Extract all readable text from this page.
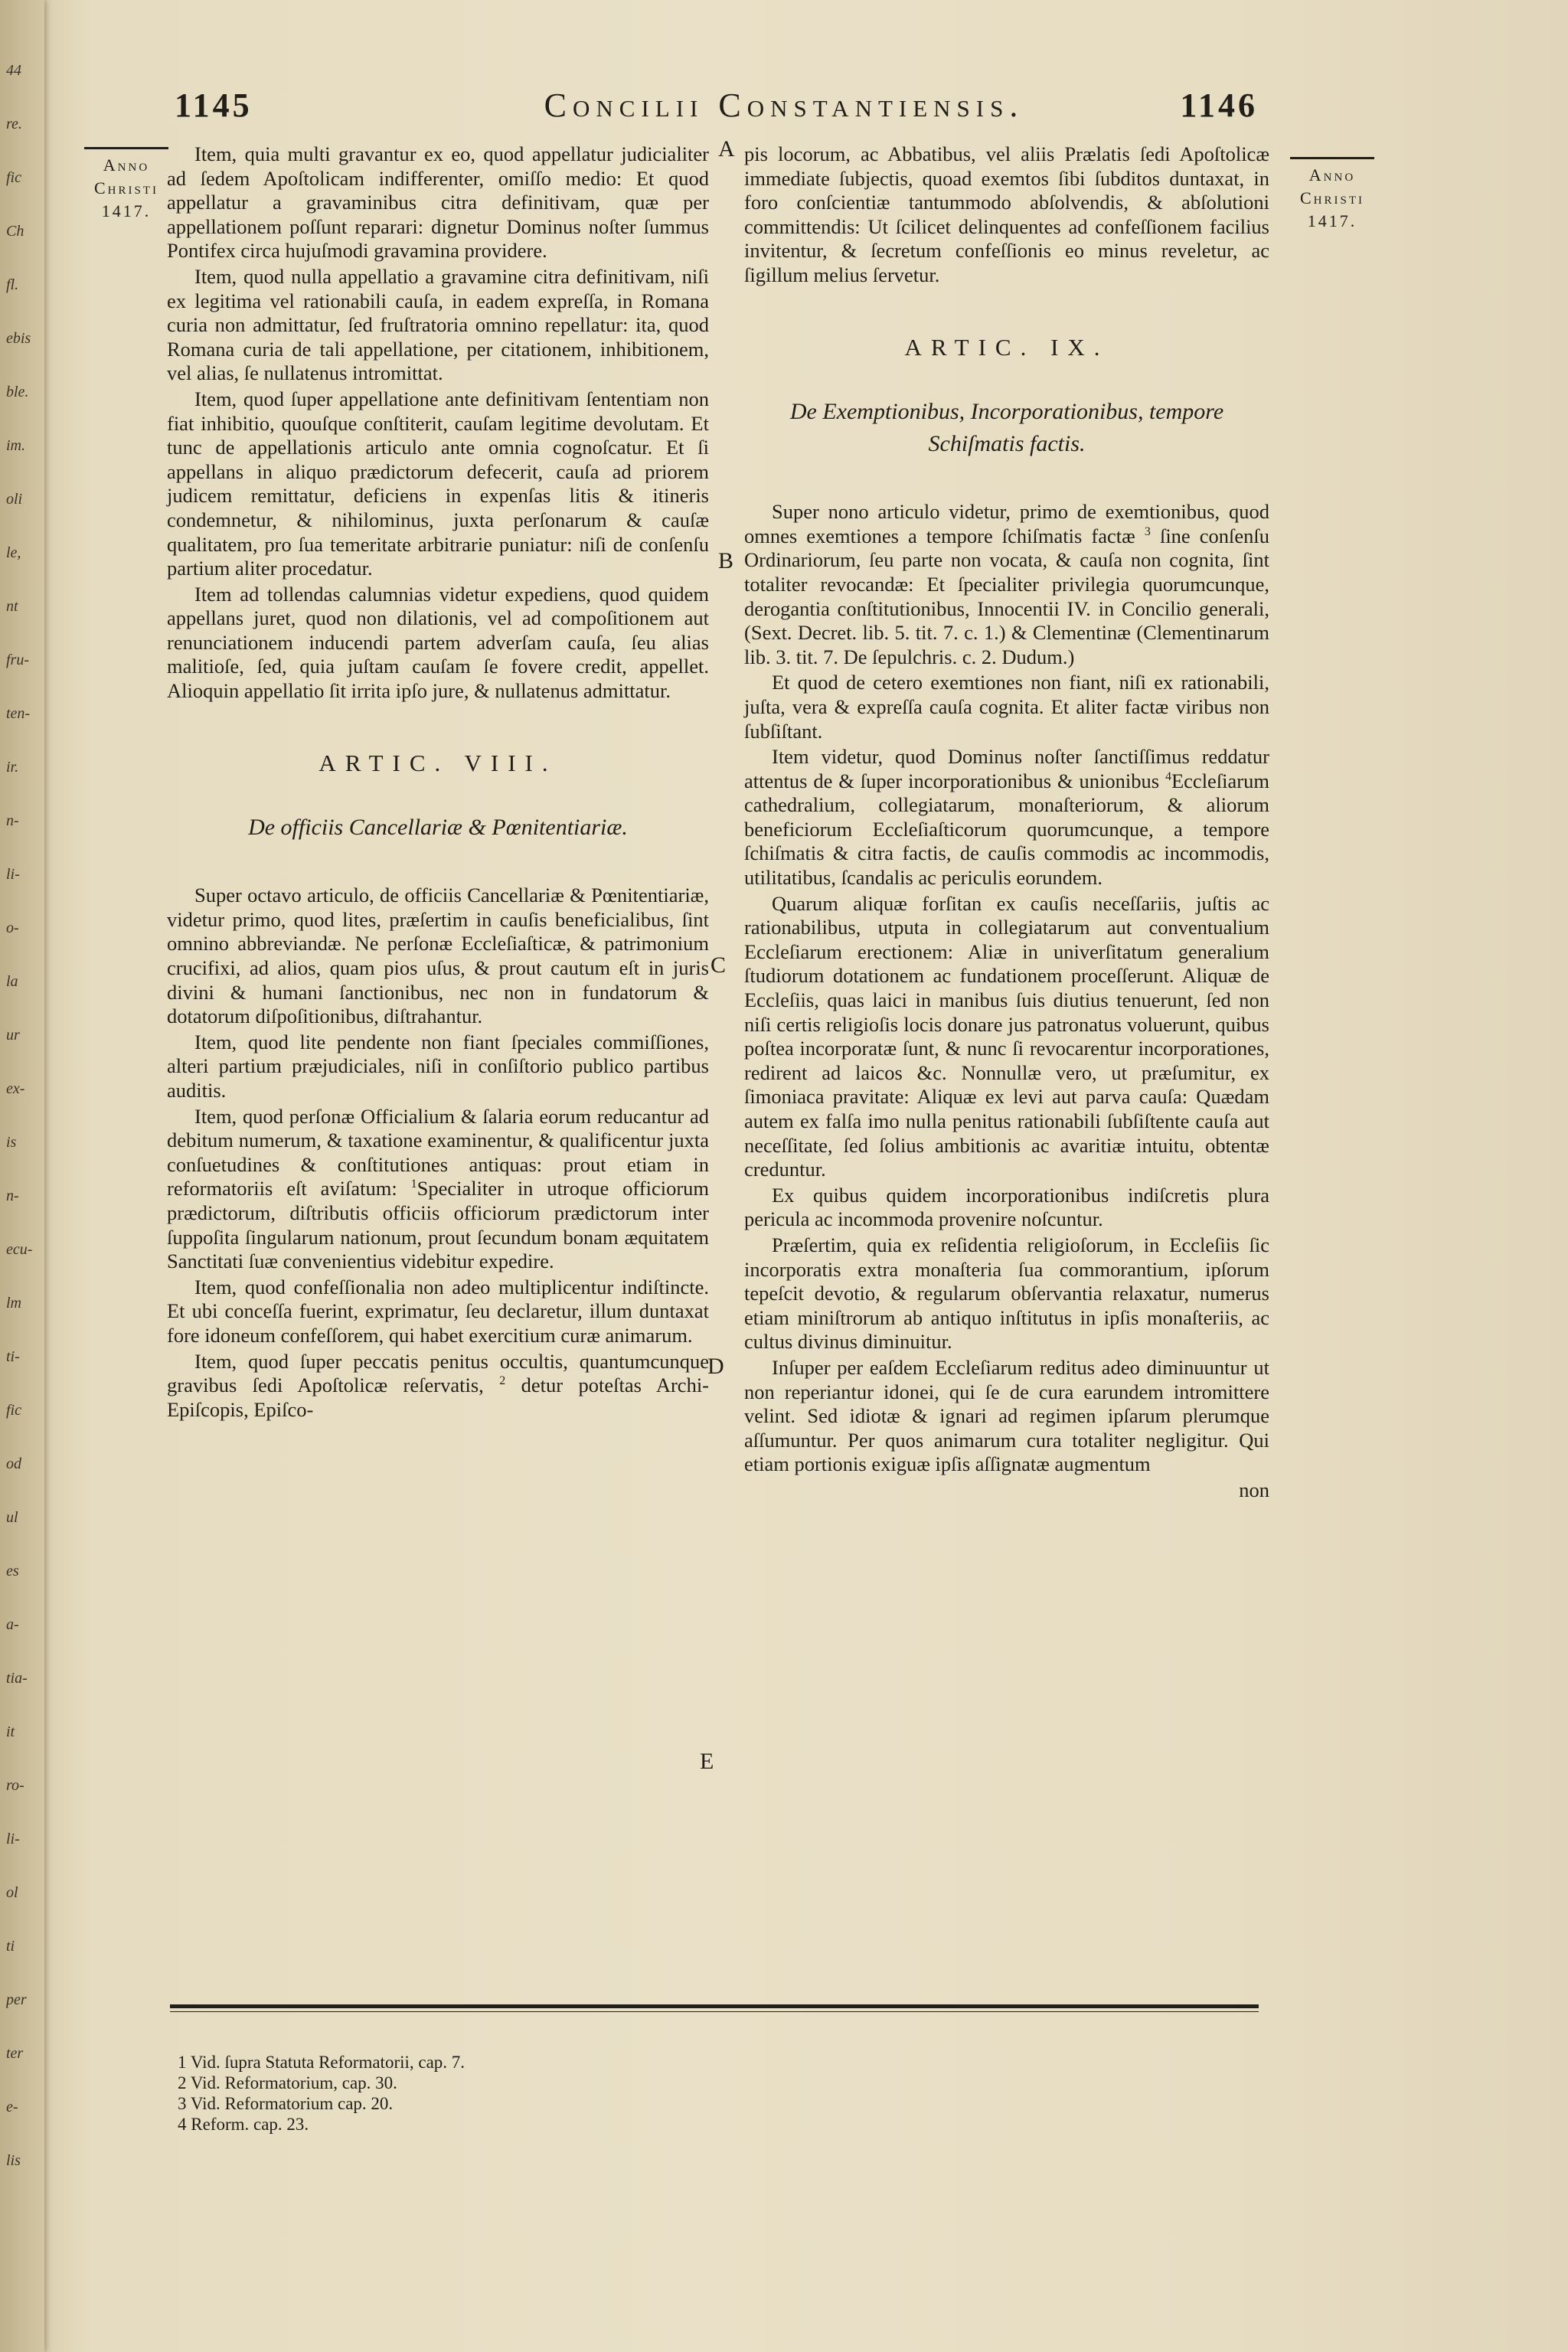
44
re.
fic
Ch
fl.
ebis
ble.
im.
oli
le,
nt
fru-
ten-
ir.
n-
li-
o-
la
ur
ex-
is
n-
ecu-
lm
ti-
fic
od
ul
es
a-
tia-
it
ro-
li-
ol
ti
per
ter
e-
lis
1145	Concilii Constantiensis.	1146
Anno
Christi
1417.
Anno
Christi
1417.
A
B
C
D
E

Item, quia multi gravantur ex eo, quod appellatur judicialiter ad ſedem Apoſtolicam indifferenter, omiſſo medio: Et quod appellatur a gravaminibus citra definitivam, quæ per appellationem poſſunt reparari: dignetur Dominus noſter ſummus Pontifex circa hujuſmodi gravamina providere.

Item, quod nulla appellatio a gravamine citra definitivam, niſi ex legitima vel rationabili cauſa, in eadem expreſſa, in Romana curia non admittatur, ſed fruſtratoria omnino repellatur: ita, quod Romana curia de tali appellatione, per citationem, inhibitionem, vel alias, ſe nullatenus intromittat.

Item, quod ſuper appellatione ante definitivam ſententiam non fiat inhibitio, quouſque conſtiterit, cauſam legitime devolutam. Et tunc de appellationis articulo ante omnia cognoſcatur. Et ſi appellans in aliquo prædictorum defecerit, cauſa ad priorem judicem remittatur, deficiens in expenſas litis & itineris condemnetur, & nihilominus, juxta perſonarum & cauſæ qualitatem, pro ſua temeritate arbitrarie puniatur: niſi de conſenſu partium aliter procedatur.

Item ad tollendas calumnias videtur expediens, quod quidem appellans juret, quod non dilationis, vel ad compoſitionem aut renunciationem inducendi partem adverſam cauſa, ſeu alias malitioſe, ſed, quia juſtam cauſam ſe fovere credit, appellet. Alioquin appellatio ſit irrita ipſo jure, & nullatenus admittatur.

ARTIC. VIII.
De officiis Cancellariæ & Pœnitentiariæ.

Super octavo articulo, de officiis Cancellariæ & Pœnitentiariæ, videtur primo, quod lites, præſertim in cauſis beneficialibus, ſint omnino abbreviandæ. Ne perſonæ Eccleſiaſticæ, & patrimonium crucifixi, ad alios, quam pios uſus, & prout cautum eſt in juris divini & humani ſanctionibus, nec non in fundatorum & dotatorum diſpoſitionibus, diſtrahantur.

Item, quod lite pendente non fiant ſpeciales commiſſiones, alteri partium præjudiciales, niſi in conſiſtorio publico partibus auditis.

Item, quod perſonæ Officialium & ſalaria eorum reducantur ad debitum numerum, & taxatione examinentur, & qualificentur juxta conſuetudines & conſtitutiones antiquas: prout etiam in reformatoriis eſt aviſatum: $^1$Specialiter in utroque officiorum prædictorum, diſtributis officiis officiorum prædictorum inter ſuppoſita ſingularum nationum, prout ſecundum bonam æquitatem Sanctitati ſuæ convenientius videbitur expedire.

Item, quod confeſſionalia non adeo multiplicentur indiſtincte. Et ubi conceſſa fuerint, exprimatur, ſeu declaretur, illum duntaxat fore idoneum confeſſorem, qui habet exercitium curæ animarum.

Item, quod ſuper peccatis penitus occultis, quantumcunque gravibus ſedi Apoſtolicæ reſervatis, $^2$ detur poteſtas Archi-Epiſcopis, Epiſco-

pis locorum, ac Abbatibus, vel aliis Prælatis ſedi Apoſtolicæ immediate ſubjectis, quoad exemtos ſibi ſubditos duntaxat, in foro conſcientiæ tantummodo abſolvendis, & abſolutioni committendis: Ut ſcilicet delinquentes ad confeſſionem facilius invitentur, & ſecretum confeſſionis eo minus reveletur, ac ſigillum melius ſervetur.

ARTIC. IX.
De Exemptionibus, Incorporationibus, tempore Schiſmatis factis.

Super nono articulo videtur, primo de exemtionibus, quod omnes exemtiones a tempore ſchiſmatis factæ $^3$ ſine conſenſu Ordinariorum, ſeu parte non vocata, & cauſa non cognita, ſint totaliter revocandæ: Et ſpecialiter privilegia quorumcunque, derogantia conſtitutionibus, Innocentii IV. in Concilio generali, (Sext. Decret. lib. 5. tit. 7. c. 1.) & Clementinæ (Clementinarum lib. 3. tit. 7. De ſepulchris. c. 2. Dudum.)

Et quod de cetero exemtiones non fiant, niſi ex rationabili, juſta, vera & expreſſa cauſa cognita. Et aliter factæ viribus non ſubſiſtant.

Item videtur, quod Dominus noſter ſanctiſſimus reddatur attentus de & ſuper incorporationibus & unionibus $^4$Eccleſiarum cathedralium, collegiatarum, monaſteriorum, & aliorum beneficiorum Eccleſiaſticorum quorumcunque, a tempore ſchiſmatis & citra factis, de cauſis commodis ac incommodis, utilitatibus, ſcandalis ac periculis eorundem.

Quarum aliquæ forſitan ex cauſis neceſſariis, juſtis ac rationabilibus, utputa in collegiatarum aut conventualium Eccleſiarum erectionem: Aliæ in univerſitatum generalium ſtudiorum dotationem ac fundationem proceſſerunt. Aliquæ de Eccleſiis, quas laici in manibus ſuis diutius tenuerunt, ſed non niſi certis religioſis locis donare jus patronatus voluerunt, quibus poſtea incorporatæ ſunt, & nunc ſi revocarentur incorporationes, redirent ad laicos &c. Nonnullæ vero, ut præſumitur, ex ſimoniaca pravitate: Aliquæ ex levi aut parva cauſa: Quædam autem ex falſa imo nulla penitus rationabili ſubſiſtente cauſa aut neceſſitate, ſed ſolius ambitionis ac avaritiæ intuitu, obtentæ creduntur.

Ex quibus quidem incorporationibus indiſcretis plura pericula ac incommoda provenire noſcuntur.

Præſertim, quia ex reſidentia religioſorum, in Eccleſiis ſic incorporatis extra monaſteria ſua commorantium, ipſorum tepeſcit devotio, & regularum obſervantia relaxatur, numerus etiam miniſtrorum ab antiquo inſtitutus in ipſis monaſteriis, ac cultus divinus diminuitur.

Inſuper per eaſdem Eccleſiarum reditus adeo diminuuntur ut non reperiantur idonei, qui ſe de cura earundem intromittere velint. Sed idiotæ & ignari ad regimen ipſarum plerumque aſſumuntur. Per quos animarum cura totaliter negligitur. Qui etiam portionis exiguæ ipſis aſſignatæ augmentum

non
1 Vid. ſupra Statuta Reformatorii, cap. 7.
2 Vid. Reformatorium, cap. 30.
3 Vid. Reformatorium cap. 20.
4 Reform. cap. 23.
